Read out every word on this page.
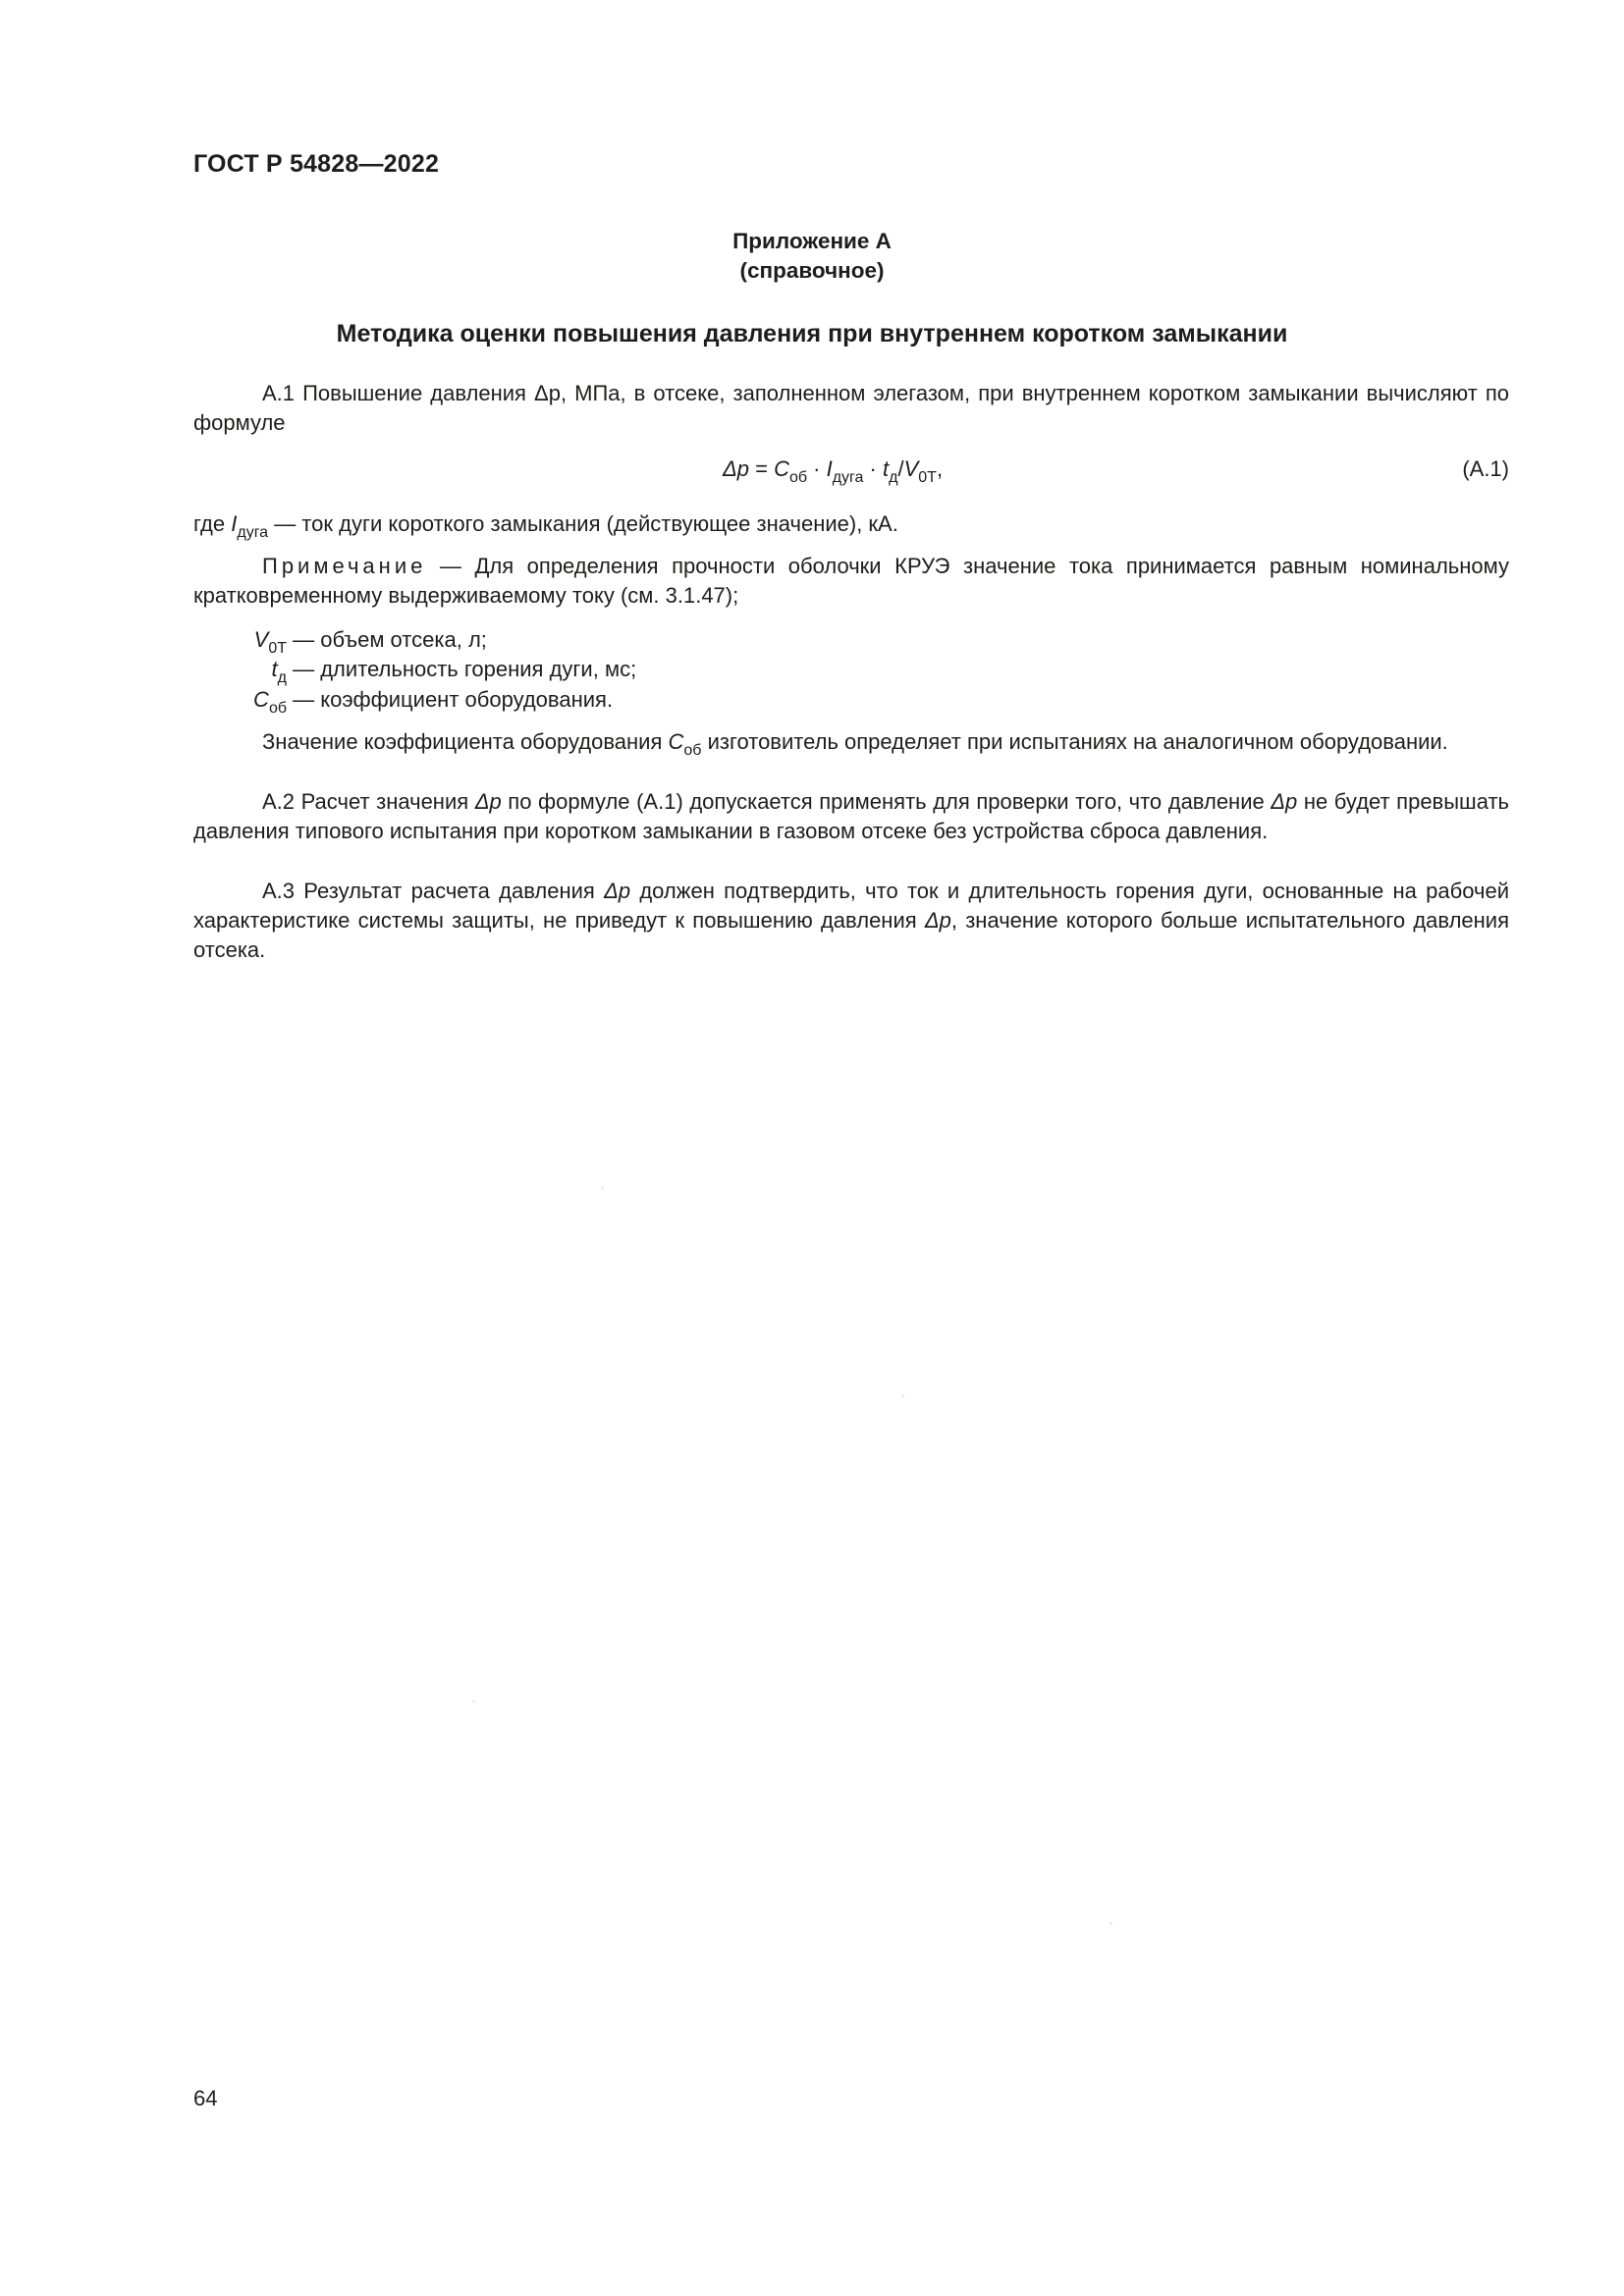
ГОСТ Р 54828—2022
Приложение А
(справочное)
Методика оценки повышения давления при внутреннем коротком замыкании

А.1 Повышение давления Δр, МПа, в отсеке, заполненном элегазом, при внутреннем коротком замыкании вычисляют по формуле

$\Delta p = C_{об} \cdot I_{дуга} \cdot t_д/V_{0T}$,	(А.1)

где $I_{дуга}$ — ток дуги короткого замыкания (действующее значение), кА.

Примечание — Для определения прочности оболочки КРУЭ значение тока принимается равным номинальному кратковременному выдерживаемому току (см. 3.1.47);

$V_{0T}$ — объем отсека, л;
$t_д$ — длительность горения дуги, мс;
$C_{об}$ — коэффициент оборудования.

Значение коэффициента оборудования $C_{об}$ изготовитель определяет при испытаниях на аналогичном оборудовании.

А.2 Расчет значения Δp по формуле (А.1) допускается применять для проверки того, что давление Δp не будет превышать давления типового испытания при коротком замыкании в газовом отсеке без устройства сброса давления.

А.3 Результат расчета давления Δp должен подтвердить, что ток и длительность горения дуги, основанные на рабочей характеристике системы защиты, не приведут к повышению давления Δp, значение которого больше испытательного давления отсека.

64
